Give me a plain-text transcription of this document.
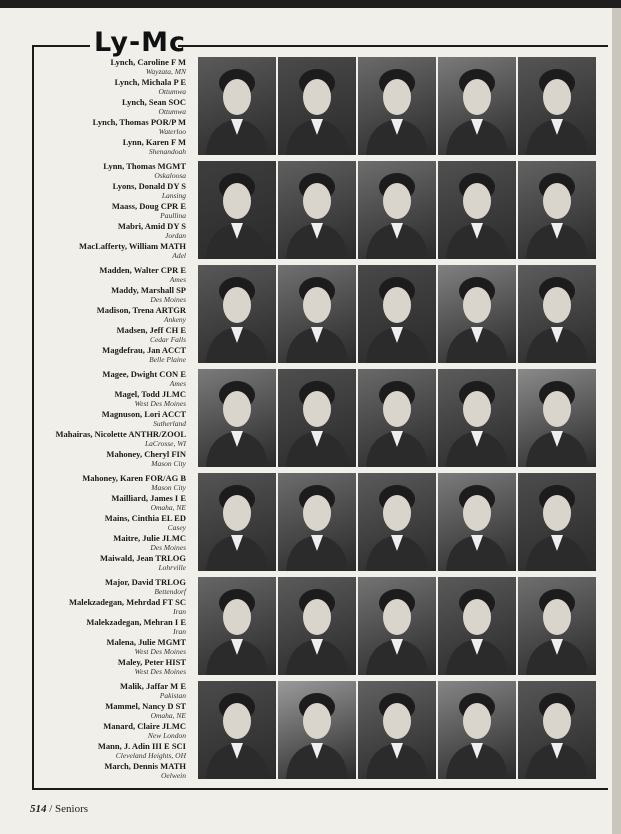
Ly-Mc
Lynch, Caroline F M
Wayzata, MN
Lynch, Michala P E
Ottumwa
Lynch, Sean SOC
Ottumwa
Lynch, Thomas POR/P M
Waterloo
Lynn, Karen F M
Shenandoah
Lynn, Thomas MGMT
Oskaloosa
Lyons, Donald DY S
Lansing
Maass, Doug CPR E
Paullina
Mabri, Amid DY S
Jordan
MacLafferty, William MATH
Adel
Madden, Walter CPR E
Ames
Maddy, Marshall SP
Des Moines
Madison, Trena ARTGR
Ankeny
Madsen, Jeff CH E
Cedar Falls
Magdefrau, Jan ACCT
Belle Plaine
Magee, Dwight CON E
Ames
Magel, Todd JLMC
West Des Moines
Magnuson, Lori ACCT
Sutherland
Mahairas, Nicolette ANTHR/ZOOL
LaCrosse, WI
Mahoney, Cheryl FIN
Mason City
Mahoney, Karen FOR/AG B
Mason City
Mailliard, James I E
Omaha, NE
Mains, Cinthia EL ED
Casey
Maitre, Julie JLMC
Des Moines
Maiwald, Jean TRLOG
Lohrville
Major, David TRLOG
Bettendorf
Malekzadegan, Mehrdad FT SC
Iran
Malekzadegan, Mehran I E
Iran
Malena, Julie MGMT
West Des Moines
Maley, Peter HIST
West Des Moines
Malik, Jaffar M E
Pakistan
Mammel, Nancy D ST
Omaha, NE
Manard, Claire JLMC
New London
Mann, J. Adin III E SCI
Cleveland Heights, OH
March, Dennis MATH
Oelwein
514 / Seniors
